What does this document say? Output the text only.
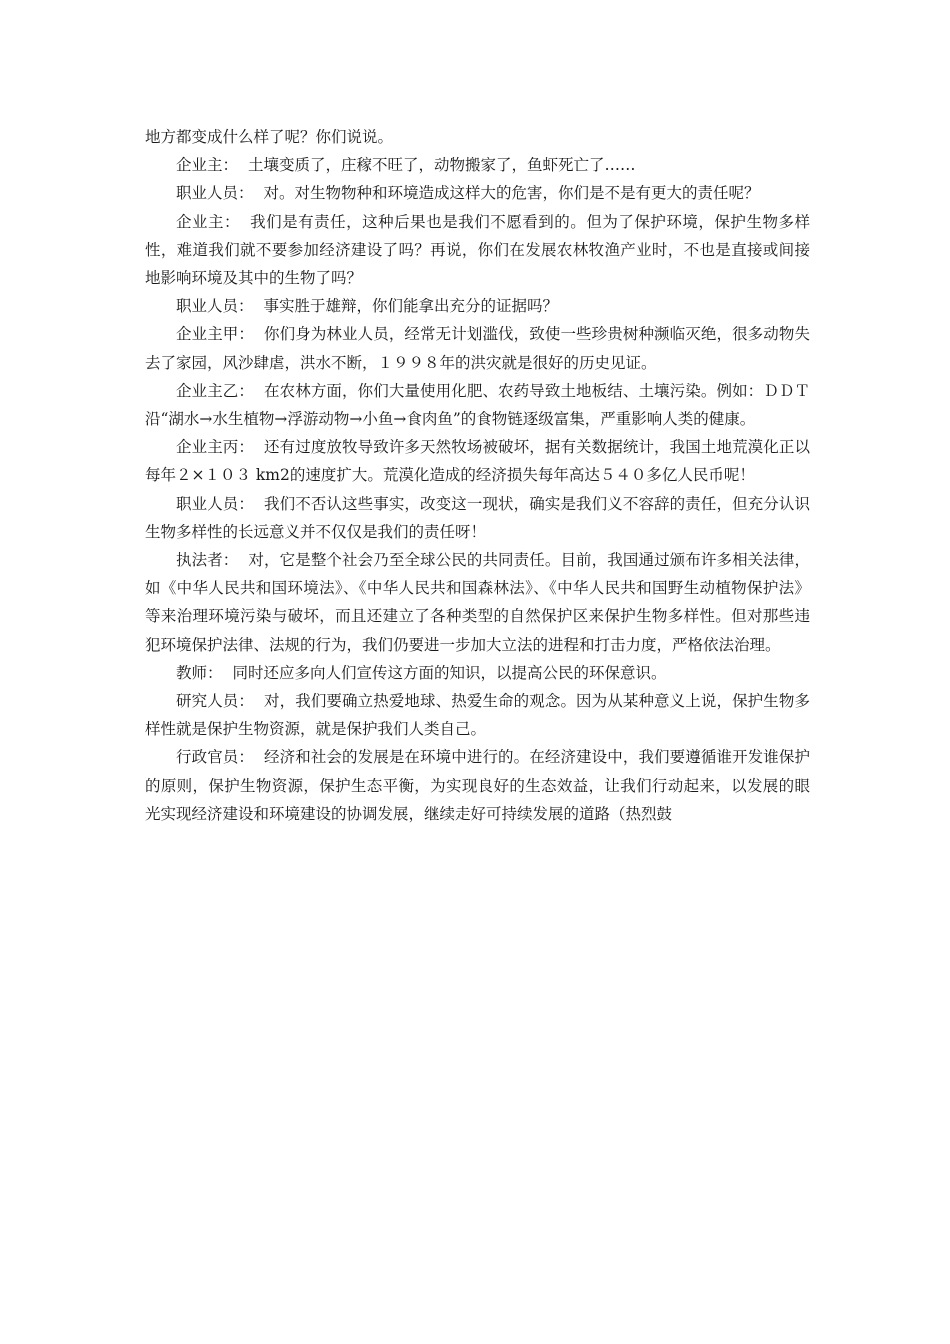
地方都变成什么样了呢？你们说说。

企业主： 土壤变质了，庄稼不旺了，动物搬家了，鱼虾死亡了……

职业人员： 对。对生物物种和环境造成这样大的危害，你们是不是有更大的责任呢？

企业主： 我们是有责任，这种后果也是我们不愿看到的。但为了保护环境，保护生物多样性，难道我们就不要参加经济建设了吗？再说，你们在发展农林牧渔产业时，不也是直接或间接地影响环境及其中的生物了吗？

职业人员： 事实胜于雄辩，你们能拿出充分的证据吗？

企业主甲： 你们身为林业人员，经常无计划滥伐，致使一些珍贵树种濒临灭绝，很多动物失去了家园，风沙肆虐，洪水不断，１９９８年的洪灾就是很好的历史见证。

企业主乙： 在农林方面，你们大量使用化肥、农药导致土地板结、土壤污染。例如：ＤＤＴ沿“湖水→水生植物→浮游动物→小鱼→食肉鱼”的食物链逐级富集，严重影响人类的健康。

企业主丙： 还有过度放牧导致许多天然牧场被破坏，据有关数据统计，我国土地荒漠化正以每年２×１０３ km2的速度扩大。荒漠化造成的经济损失每年高达５４０多亿人民币呢！

职业人员： 我们不否认这些事实，改变这一现状，确实是我们义不容辞的责任，但充分认识生物多样性的长远意义并不仅仅是我们的责任呀！

执法者： 对，它是整个社会乃至全球公民的共同责任。目前，我国通过颁布许多相关法律，如《中华人民共和国环境法》、《中华人民共和国森林法》、《中华人民共和国野生动植物保护法》等来治理环境污染与破坏，而且还建立了各种类型的自然保护区来保护生物多样性。但对那些违犯环境保护法律、法规的行为，我们仍要进一步加大立法的进程和打击力度，严格依法治理。

教师： 同时还应多向人们宣传这方面的知识，以提高公民的环保意识。

研究人员： 对，我们要确立热爱地球、热爱生命的观念。因为从某种意义上说，保护生物多样性就是保护生物资源，就是保护我们人类自己。

行政官员： 经济和社会的发展是在环境中进行的。在经济建设中，我们要遵循谁开发谁保护的原则，保护生物资源，保护生态平衡，为实现良好的生态效益，让我们行动起来，以发展的眼光实现经济建设和环境建设的协调发展，继续走好可持续发展的道路（热烈鼓
